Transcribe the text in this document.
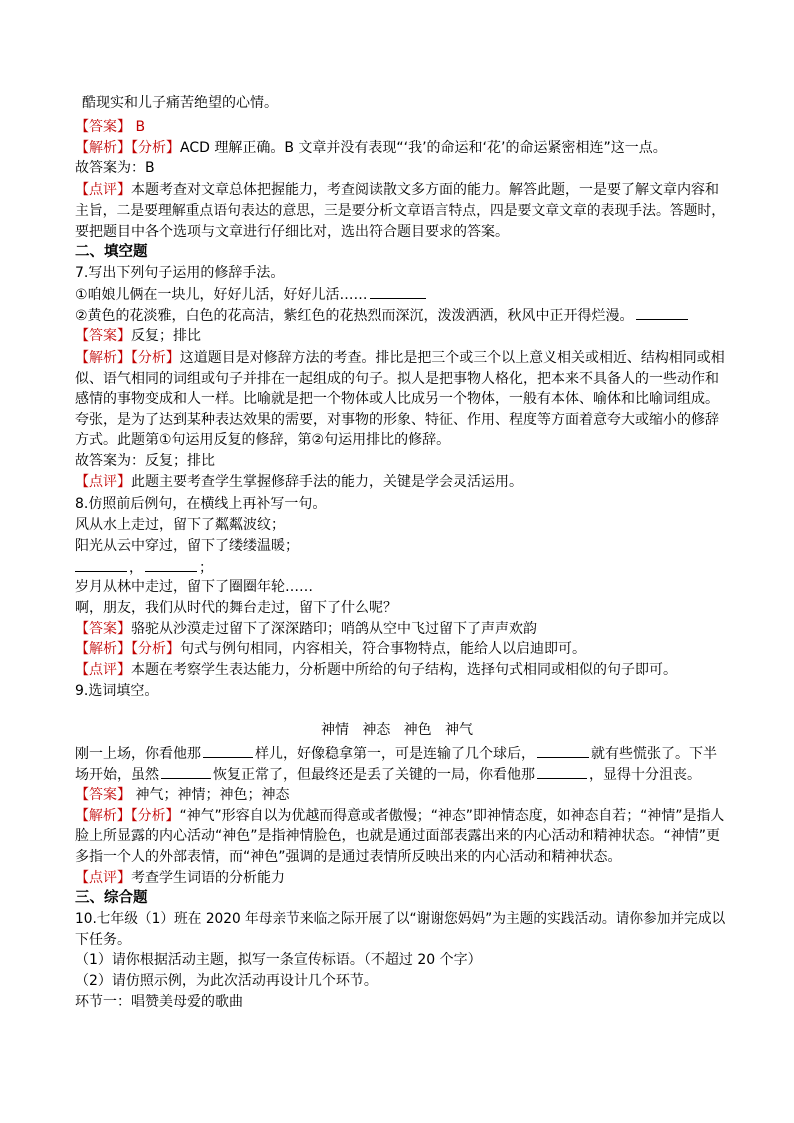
酷现实和儿子痛苦绝望的心情。
【答案】 B
【解析】【分析】ACD 理解正确。B 文章并没有表现“‘我’的命运和‘花’的命运紧密相连”这一点。
故答案为：B
【点评】本题考查对文章总体把握能力，考查阅读散文多方面的能力。解答此题，一是要了解文章内容和
主旨，二是要理解重点语句表达的意思，三是要分析文章语言特点，四是要文章文章的表现手法。答题时，
要把题目中各个选项与文章进行仔细比对，选出符合题目要求的答案。
二、填空题
7.写出下列句子运用的修辞手法。
①咱娘儿俩在一块儿，好好儿活，好好儿活……
②黄色的花淡雅，白色的花高洁，紫红色的花热烈而深沉，泼泼洒洒，秋风中正开得烂漫。
【答案】反复；排比
【解析】【分析】这道题目是对修辞方法的考查。排比是把三个或三个以上意义相关或相近、结构相同或相
似、语气相同的词组或句子并排在一起组成的句子。拟人是把事物人格化，把本来不具备人的一些动作和
感情的事物变成和人一样。比喻就是把一个物体或人比成另一个物体，一般有本体、喻体和比喻词组成。
夸张，是为了达到某种表达效果的需要，对事物的形象、特征、作用、程度等方面着意夸大或缩小的修辞
方式。此题第①句运用反复的修辞，第②句运用排比的修辞。
故答案为：反复；排比
【点评】此题主要考查学生掌握修辞手法的能力，关键是学会灵活运用。
8.仿照前后例句，在横线上再补写一句。
风从水上走过，留下了粼粼波纹；
阳光从云中穿过，留下了缕缕温暖；
，	；
岁月从林中走过，留下了圈圈年轮……
啊，朋友，我们从时代的舞台走过，留下了什么呢？
【答案】骆驼从沙漠走过留下了深深踏印；哨鸽从空中飞过留下了声声欢韵
【解析】【分析】句式与例句相同，内容相关，符合事物特点，能给人以启迪即可。
【点评】本题在考察学生表达能力，分析题中所给的句子结构，选择句式相同或相似的句子即可。
9.选词填空。
神情   神态   神色   神气
刚一上场，你看他那	样儿，好像稳拿第一，可是连输了几个球后，	就有些慌张了。下半
场开始，虽然	恢复正常了，但最终还是丢了关键的一局，你看他那	，显得十分沮丧。
【答案】 神气；神情；神色；神态
【解析】【分析】“神气”形容自以为优越而得意或者傲慢；“神态”即神情态度，如神态自若；“神情”是指人
脸上所显露的内心活动“神色”是指神情脸色，也就是通过面部表露出来的内心活动和精神状态。“神情”更
多指一个人的外部表情，而“神色”强调的是通过表情所反映出来的内心活动和精神状态。
【点评】考查学生词语的分析能力
三、综合题
10.七年级（1）班在 2020 年母亲节来临之际开展了以“谢谢您妈妈”为主题的实践活动。请你参加并完成以
下任务。
（1）请你根据活动主题，拟写一条宣传标语。（不超过 20 个字）
（2）请仿照示例，为此次活动再设计几个环节。
环节一：唱赞美母爱的歌曲
